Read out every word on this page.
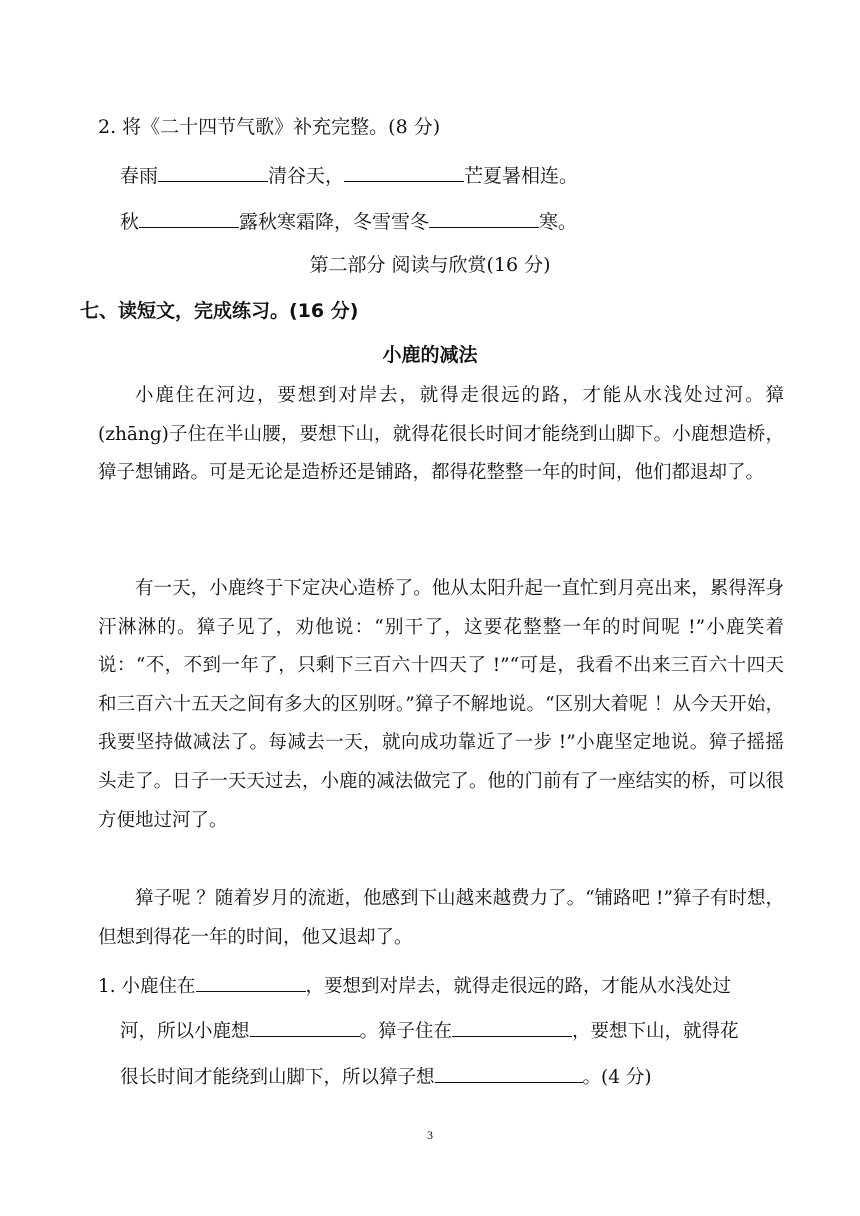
2. 将《二十四节气歌》补充完整。(8 分)
春雨	清谷天，	芒夏暑相连。
秋	露秋寒霜降，冬雪雪冬	寒。
第二部分 阅读与欣赏(16 分)
七、读短文，完成练习。(16 分)
小鹿的减法
小鹿住在河边，要想到对岸去，就得走很远的路，才能从水浅处过河。獐(zhāng)子住在半山腰，要想下山，就得花很长时间才能绕到山脚下。小鹿想造桥，獐子想铺路。可是无论是造桥还是铺路，都得花整整一年的时间，他们都退却了。
有一天，小鹿终于下定决心造桥了。他从太阳升起一直忙到月亮出来，累得浑身汗淋淋的。獐子见了，劝他说：“别干了，这要花整整一年的时间呢 !”小鹿笑着说：“不，不到一年了，只剩下三百六十四天了 !”“可是，我看不出来三百六十四天和三百六十五天之间有多大的区别呀。”獐子不解地说。“区别大着呢 ！从今天开始，我要坚持做减法了。每减去一天，就向成功靠近了一步 !”小鹿坚定地说。獐子摇摇头走了。日子一天天过去，小鹿的减法做完了。他的门前有了一座结实的桥，可以很方便地过河了。
獐子呢 ？随着岁月的流逝，他感到下山越来越费力了。“铺路吧 !”獐子有时想，但想到得花一年的时间，他又退却了。
1. 小鹿住在	，要想到对岸去，就得走很远的路，才能从水浅处过
河，所以小鹿想	。獐子住在	，要想下山，就得花
很长时间才能绕到山脚下，所以獐子想	。(4 分)
3
